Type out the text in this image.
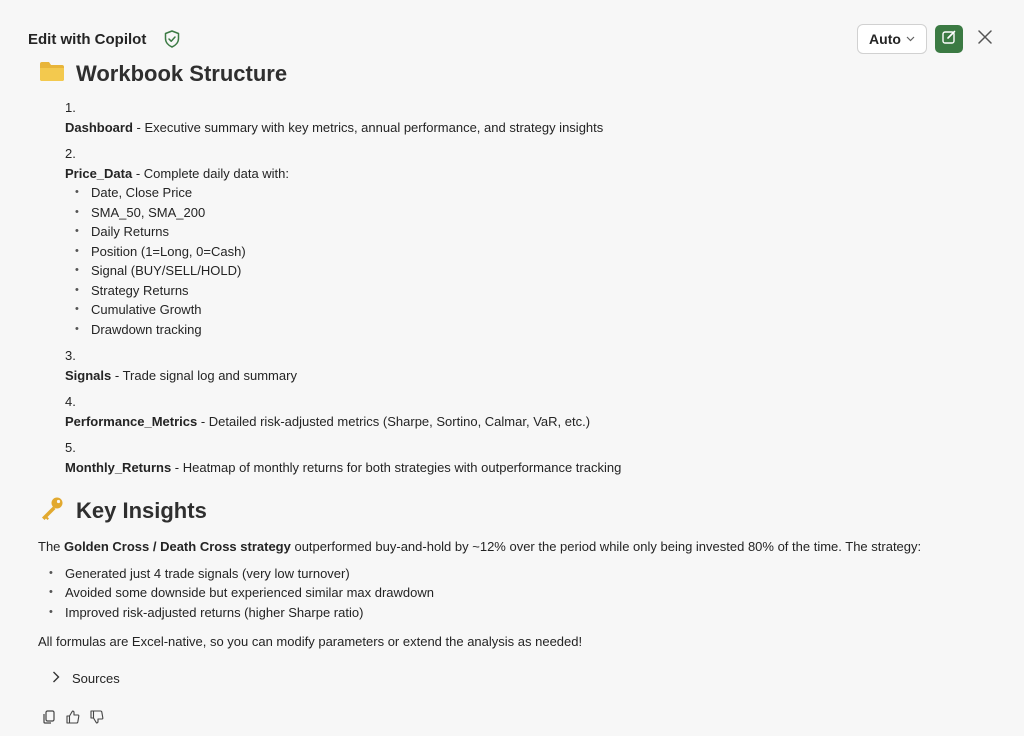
Edit with Copilot	Auto
Workbook Structure
1.
Dashboard - Executive summary with key metrics, annual performance, and strategy insights
2.
Price_Data - Complete daily data with:
• Date, Close Price
• SMA_50, SMA_200
• Daily Returns
• Position (1=Long, 0=Cash)
• Signal (BUY/SELL/HOLD)
• Strategy Returns
• Cumulative Growth
• Drawdown tracking
3.
Signals - Trade signal log and summary
4.
Performance_Metrics - Detailed risk-adjusted metrics (Sharpe, Sortino, Calmar, VaR, etc.)
5.
Monthly_Returns - Heatmap of monthly returns for both strategies with outperformance tracking
Key Insights

The Golden Cross / Death Cross strategy outperformed buy-and-hold by ~12% over the period while only being invested 80% of the time. The strategy:

• Generated just 4 trade signals (very low turnover)
• Avoided some downside but experienced similar max drawdown
• Improved risk-adjusted returns (higher Sharpe ratio)

All formulas are Excel-native, so you can modify parameters or extend the analysis as needed!

Sources
